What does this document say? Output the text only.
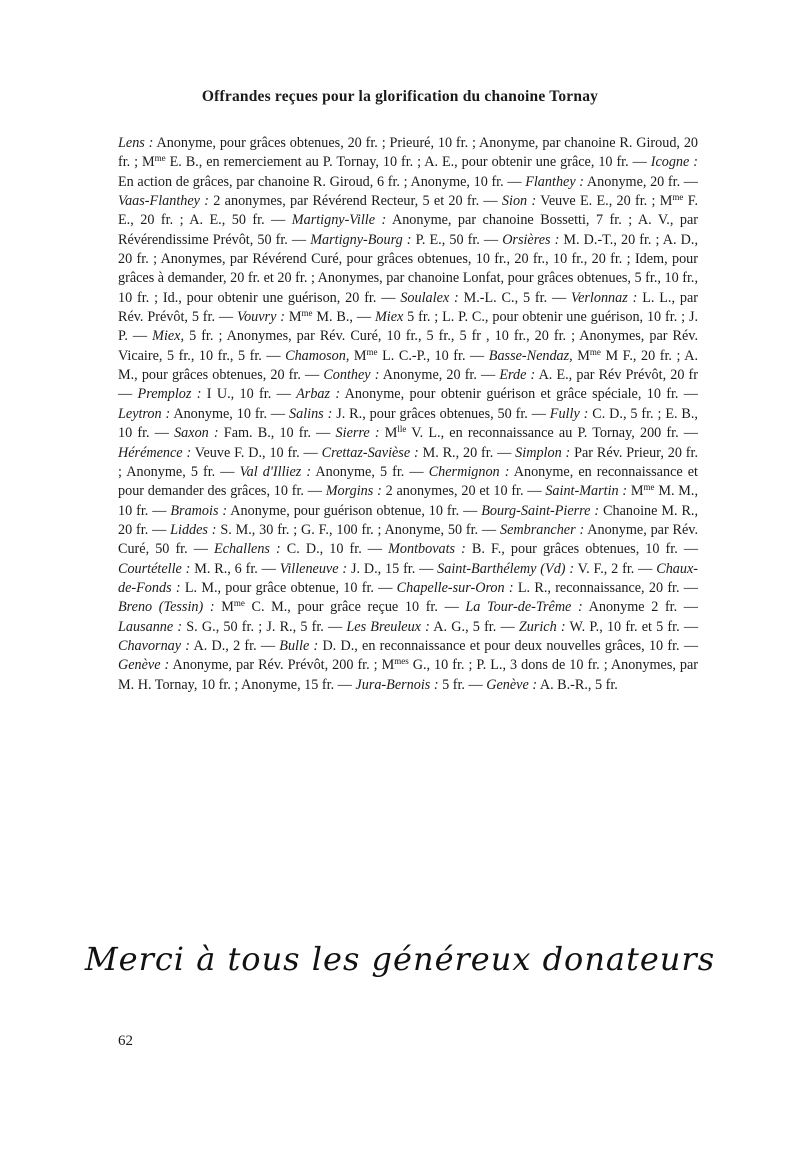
Offrandes reçues pour la glorification du chanoine Tornay
Lens : Anonyme, pour grâces obtenues, 20 fr. ; Prieuré, 10 fr. ; Anonyme, par chanoine R. Giroud, 20 fr. ; $M^{me}$ E. B., en remerciement au P. Tornay, 10 fr. ; A. E., pour obtenir une grâce, 10 fr. — Icogne : En action de grâces, par chanoine R. Giroud, 6 fr. ; Anonyme, 10 fr. — Flanthey : Anonyme, 20 fr. — Vaas-Flanthey : 2 anonymes, par Révérend Recteur, 5 et 20 fr. — Sion : Veuve E. E., 20 fr. ; $M^{me}$ F. E., 20 fr. ; A. E., 50 fr. — Martigny-Ville : Anonyme, par chanoine Bossetti, 7 fr. ; A. V., par Révérendissime Prévôt, 50 fr. — Martigny-Bourg : P. E., 50 fr. — Orsières : M. D.-T., 20 fr. ; A. D., 20 fr. ; Anonymes, par Révérend Curé, pour grâces obtenues, 10 fr., 20 fr., 10 fr., 20 fr. ; Idem, pour grâces à demander, 20 fr. et 20 fr. ; Anonymes, par chanoine Lonfat, pour grâces obtenues, 5 fr., 10 fr., 10 fr. ; Id., pour obtenir une guérison, 20 fr. — Soulalex : M.-L. C., 5 fr. — Verlonnaz : L. L., par Rév. Prévôt, 5 fr. — Vouvry : $M^{me}$ M. B., — Miex 5 fr. ; L. P. C., pour obtenir une guérison, 10 fr. ; J. P. — Miex, 5 fr. ; Anonymes, par Rév. Curé, 10 fr., 5 fr., 5 fr , 10 fr., 20 fr. ; Anonymes, par Rév. Vicaire, 5 fr., 10 fr., 5 fr. — Chamoson, $M^{me}$ L. C.-P., 10 fr. — Basse-Nendaz, $M^{me}$ M F., 20 fr. ; A. M., pour grâces obtenues, 20 fr. — Conthey : Anonyme, 20 fr. — Erde : A. E., par Rév Prévôt, 20 fr — Premploz : I U., 10 fr. — Arbaz : Anonyme, pour obtenir guérison et grâce spéciale, 10 fr. — Leytron : Anonyme, 10 fr. — Salins : J. R., pour grâces obtenues, 50 fr. — Fully : C. D., 5 fr. ; E. B., 10 fr. — Saxon : Fam. B., 10 fr. — Sierre : $M^{lle}$ V. L., en reconnaissance au P. Tornay, 200 fr. — Hérémence : Veuve F. D., 10 fr. — Crettaz-Savièse : M. R., 20 fr. — Simplon : Par Rév. Prieur, 20 fr. ; Anonyme, 5 fr. — Val d'Illiez : Anonyme, 5 fr. — Chermignon : Anonyme, en reconnaissance et pour demander des grâces, 10 fr. — Morgins : 2 anonymes, 20 et 10 fr. — Saint-Martin : $M^{me}$ M. M., 10 fr. — Bramois : Anonyme, pour guérison obtenue, 10 fr. — Bourg-Saint-Pierre : Chanoine M. R., 20 fr. — Liddes : S. M., 30 fr. ; G. F., 100 fr. ; Anonyme, 50 fr. — Sembrancher : Anonyme, par Rév. Curé, 50 fr. — Echallens : C. D., 10 fr. — Montbovats : B. F., pour grâces obtenues, 10 fr. — Courtételle : M. R., 6 fr. — Villeneuve : J. D., 15 fr. — Saint-Barthélemy (Vd) : V. F., 2 fr. — Chaux-de-Fonds : L. M., pour grâce obtenue, 10 fr. — Chapelle-sur-Oron : L. R., reconnaissance, 20 fr. — Breno (Tessin) : $M^{me}$ C. M., pour grâce reçue 10 fr. — La Tour-de-Trême : Anonyme 2 fr. — Lausanne : S. G., 50 fr. ; J. R., 5 fr. — Les Breuleux : A. G., 5 fr. — Zurich : W. P., 10 fr. et 5 fr. — Chavornay : A. D., 2 fr. — Bulle : D. D., en reconnaissance et pour deux nouvelles grâces, 10 fr. — Genève : Anonyme, par Rév. Prévôt, 200 fr. ; $M^{mes}$ G., 10 fr. ; P. L., 3 dons de 10 fr. ; Anonymes, par M. H. Tornay, 10 fr. ; Anonyme, 15 fr. — Jura-Bernois : 5 fr. — Genève : A. B.-R., 5 fr.
Merci à tous les généreux donateurs
62
